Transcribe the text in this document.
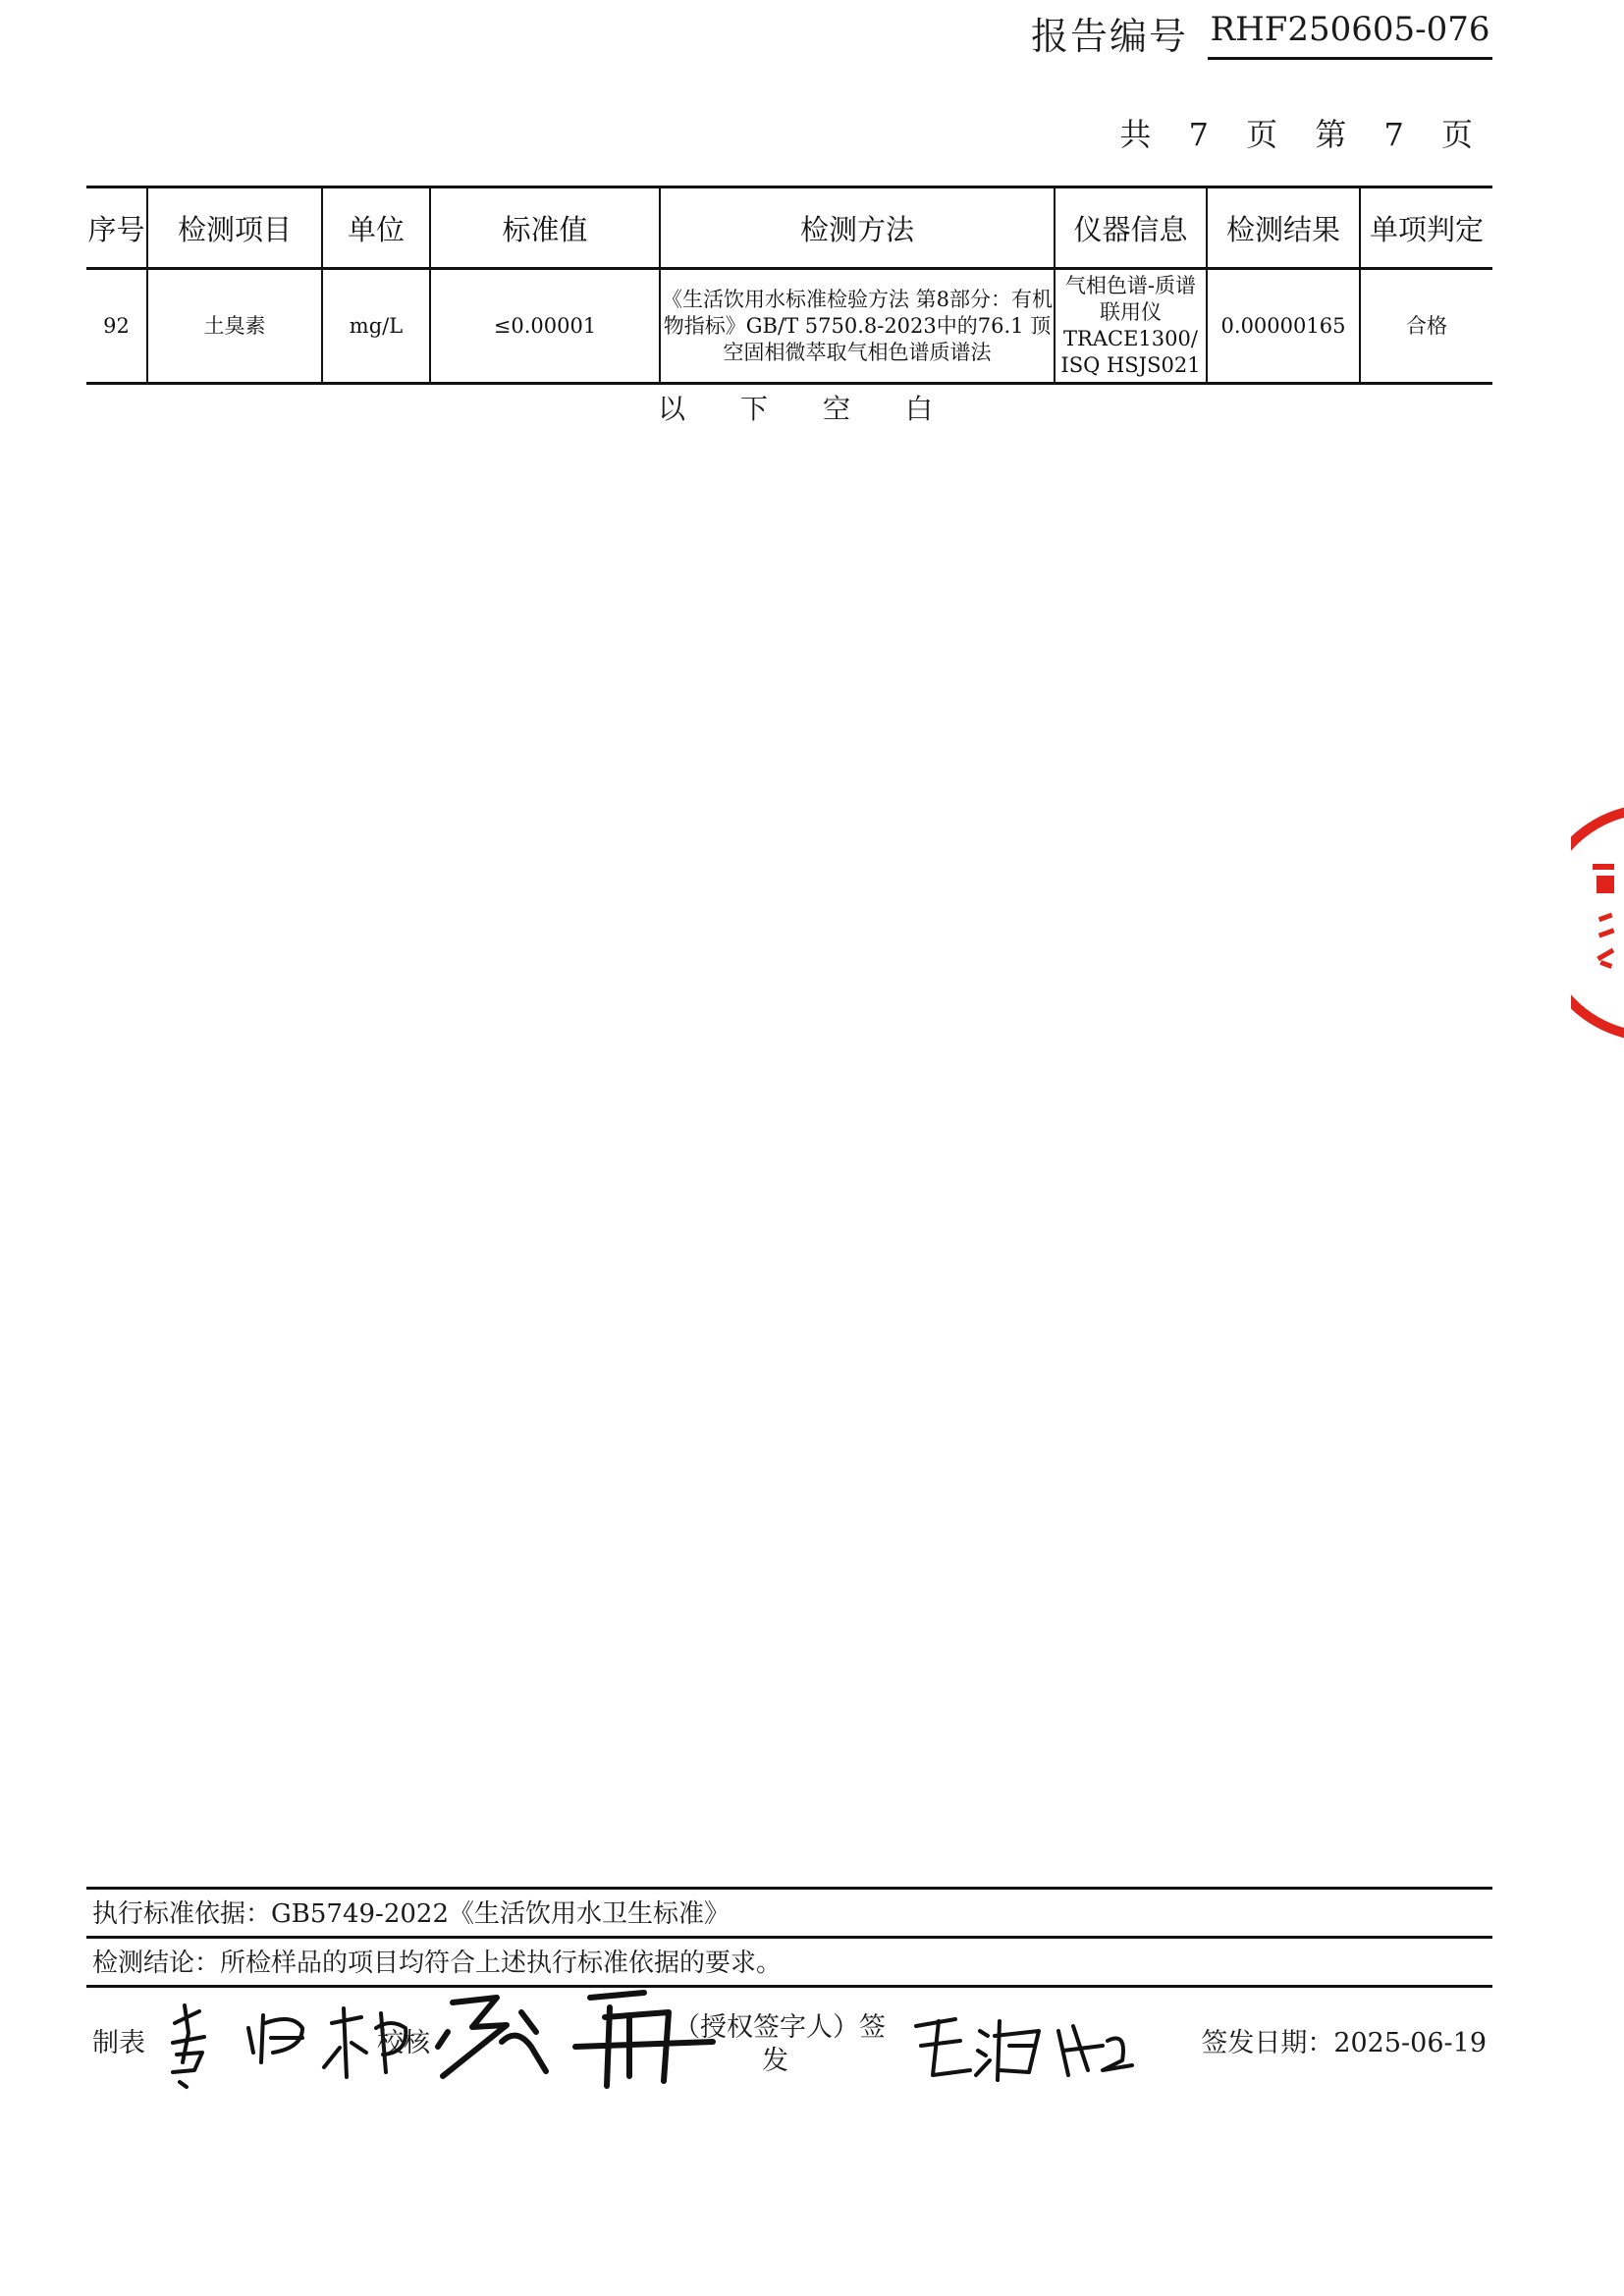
报告编号 RHF250605-076
共 7 页 第 7 页
序号	检测项目	单位	标准值	检测方法	仪器信息	检测结果	单项判定
92	土臭素	mg/L	≤0.00001	《生活饮用水标准检验方法 第8部分：有机物指标》GB/T 5750.8-2023中的76.1 顶空固相微萃取气相色谱质谱法	气相色谱-质谱联用仪 TRACE1300/ ISQ HSJS021	0.00000165	合格
以下空白
执行标准依据：GB5749-2022《生活饮用水卫生标准》
检测结论：所检样品的项目均符合上述执行标准依据的要求。
制表	校核
（授权签字人）签
发
签发日期：2025-06-19
